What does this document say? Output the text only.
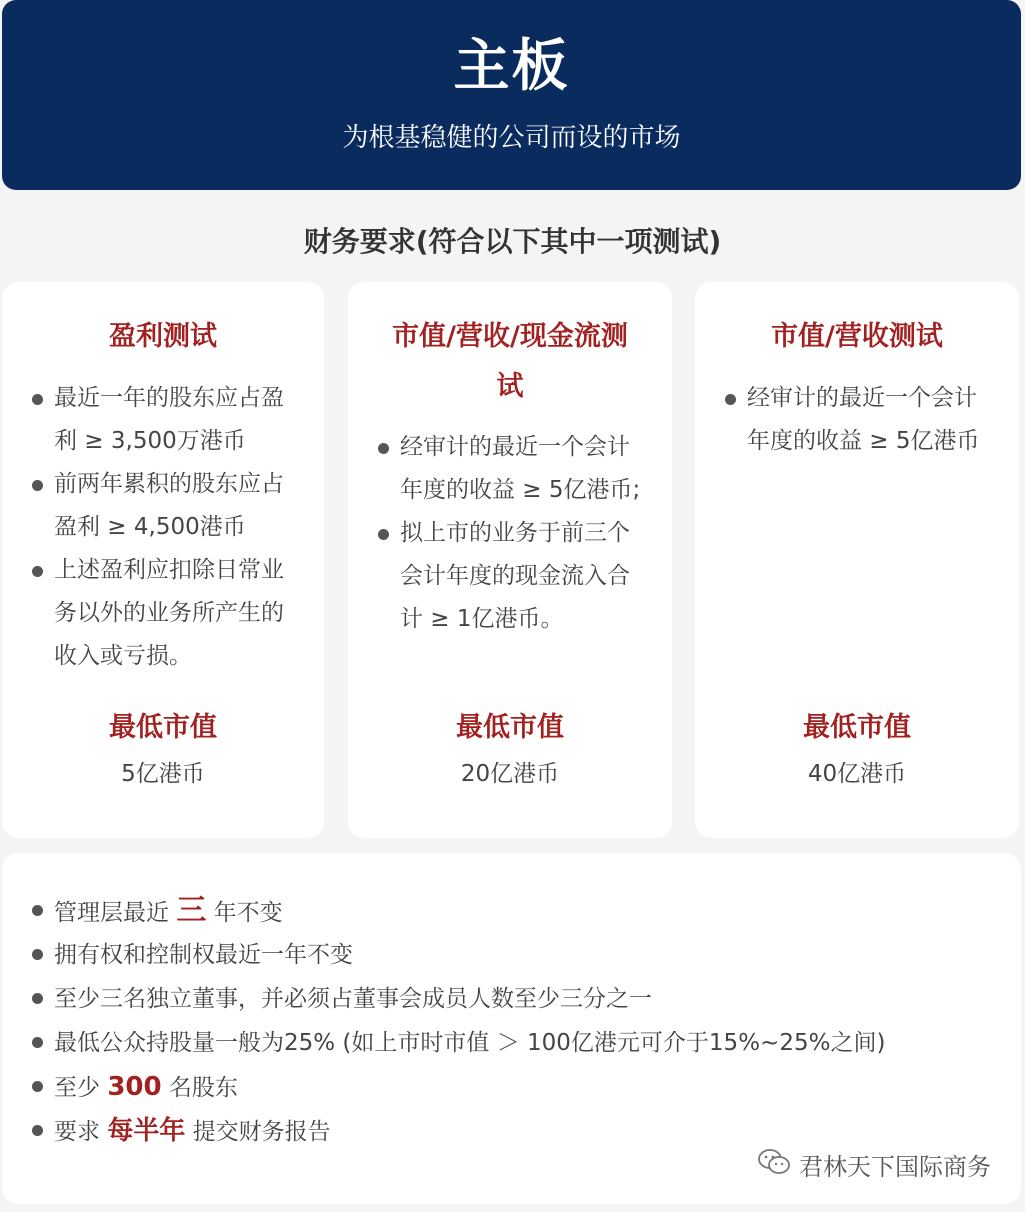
主板
为根基稳健的公司而设的市场
财务要求(符合以下其中一项测试)
盈利测试
最近一年的股东应占盈利 ≥ 3,500万港币
前两年累积的股东应占盈利 ≥ 4,500港币
上述盈利应扣除日常业务以外的业务所产生的收入或亏损。
最低市值
5亿港币
市值/营收/现金流测试
经审计的最近一个会计年度的收益 ≥ 5亿港币;
拟上市的业务于前三个会计年度的现金流入合计 ≥ 1亿港币。
最低市值
20亿港币
市值/营收测试
经审计的最近一个会计年度的收益 ≥ 5亿港币
最低市值
40亿港币
管理层最近 三 年不变
拥有权和控制权最近一年不变
至少三名独立董事，并必须占董事会成员人数至少三分之一
最低公众持股量一般为25% (如上市时市值 ＞ 100亿港元可介于15%~25%之间)
至少 300 名股东
要求 每半年 提交财务报告
君林天下国际商务
